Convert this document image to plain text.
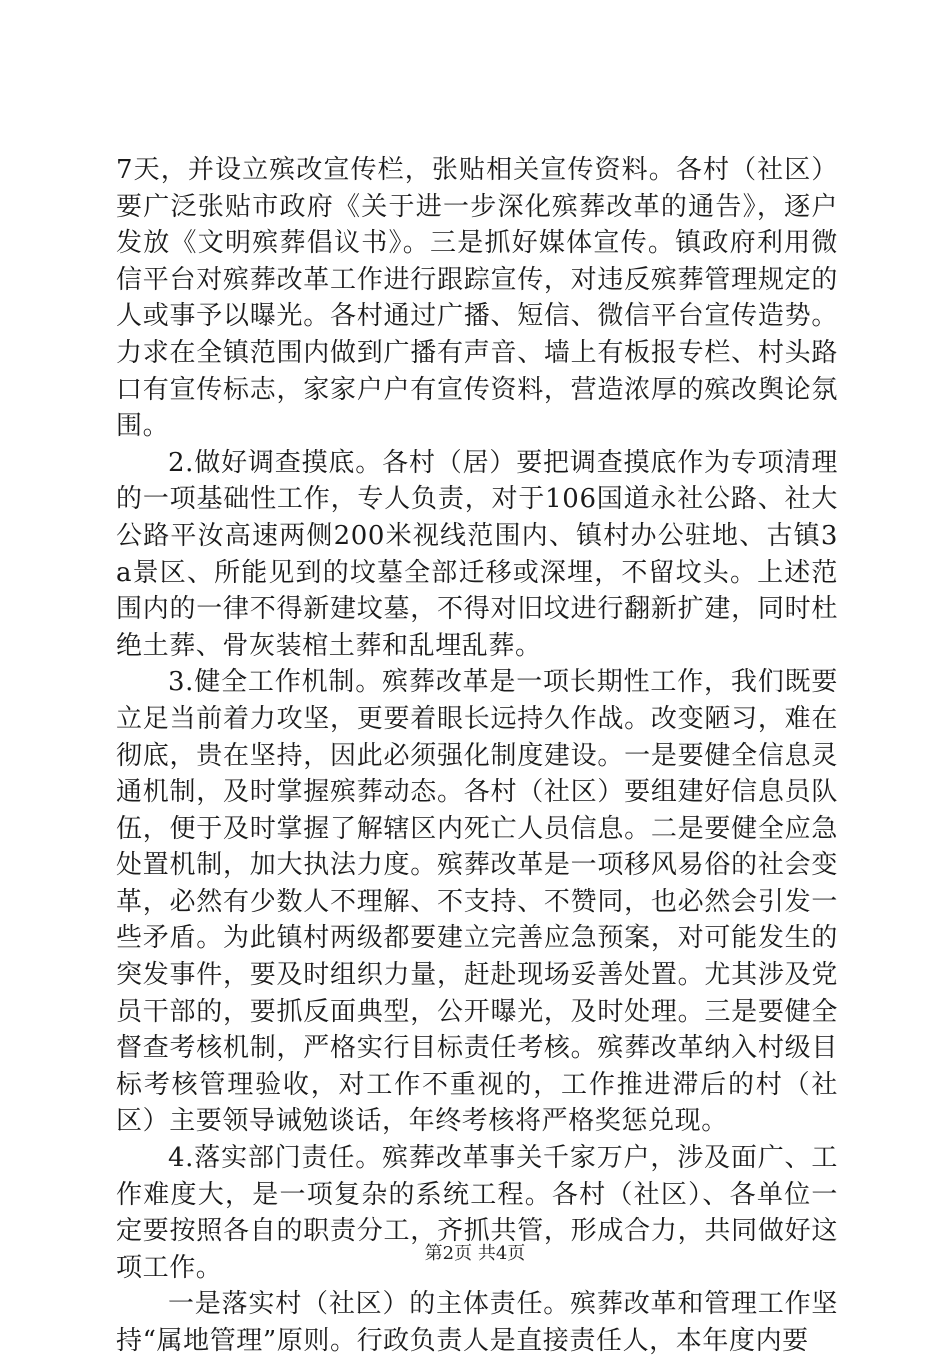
7天，并设立殡改宣传栏，张贴相关宣传资料。各村（社区）要广泛张贴市政府《关于进一步深化殡葬改革的通告》，逐户发放《文明殡葬倡议书》。三是抓好媒体宣传。镇政府利用微信平台对殡葬改革工作进行跟踪宣传，对违反殡葬管理规定的人或事予以曝光。各村通过广播、短信、微信平台宣传造势。力求在全镇范围内做到广播有声音、墙上有板报专栏、村头路口有宣传标志，家家户户有宣传资料，营造浓厚的殡改舆论氛围。

2.做好调查摸底。各村（居）要把调查摸底作为专项清理的一项基础性工作，专人负责，对于106国道永社公路、社大公路平汝高速两侧200米视线范围内、镇村办公驻地、古镇3a景区、所能见到的坟墓全部迁移或深埋，不留坟头。上述范围内的一律不得新建坟墓，不得对旧坟进行翻新扩建，同时杜绝土葬、骨灰装棺土葬和乱埋乱葬。

3.健全工作机制。殡葬改革是一项长期性工作，我们既要立足当前着力攻坚，更要着眼长远持久作战。改变陋习，难在彻底，贵在坚持，因此必须强化制度建设。一是要健全信息灵通机制，及时掌握殡葬动态。各村（社区）要组建好信息员队伍，便于及时掌握了解辖区内死亡人员信息。二是要健全应急处置机制，加大执法力度。殡葬改革是一项移风易俗的社会变革，必然有少数人不理解、不支持、不赞同，也必然会引发一些矛盾。为此镇村两级都要建立完善应急预案，对可能发生的突发事件，要及时组织力量，赶赴现场妥善处置。尤其涉及党员干部的，要抓反面典型，公开曝光，及时处理。三是要健全督查考核机制，严格实行目标责任考核。殡葬改革纳入村级目标考核管理验收，对工作不重视的，工作推进滞后的村（社区）主要领导诫勉谈话，年终考核将严格奖惩兑现。

4.落实部门责任。殡葬改革事关千家万户，涉及面广、工作难度大，是一项复杂的系统工程。各村（社区）、各单位一定要按照各自的职责分工，齐抓共管，形成合力，共同做好这项工作。

一是落实村（社区）的主体责任。殡葬改革和管理工作坚持“属地管理”原则。行政负责人是直接责任人，本年度内要

第2页 共4页
